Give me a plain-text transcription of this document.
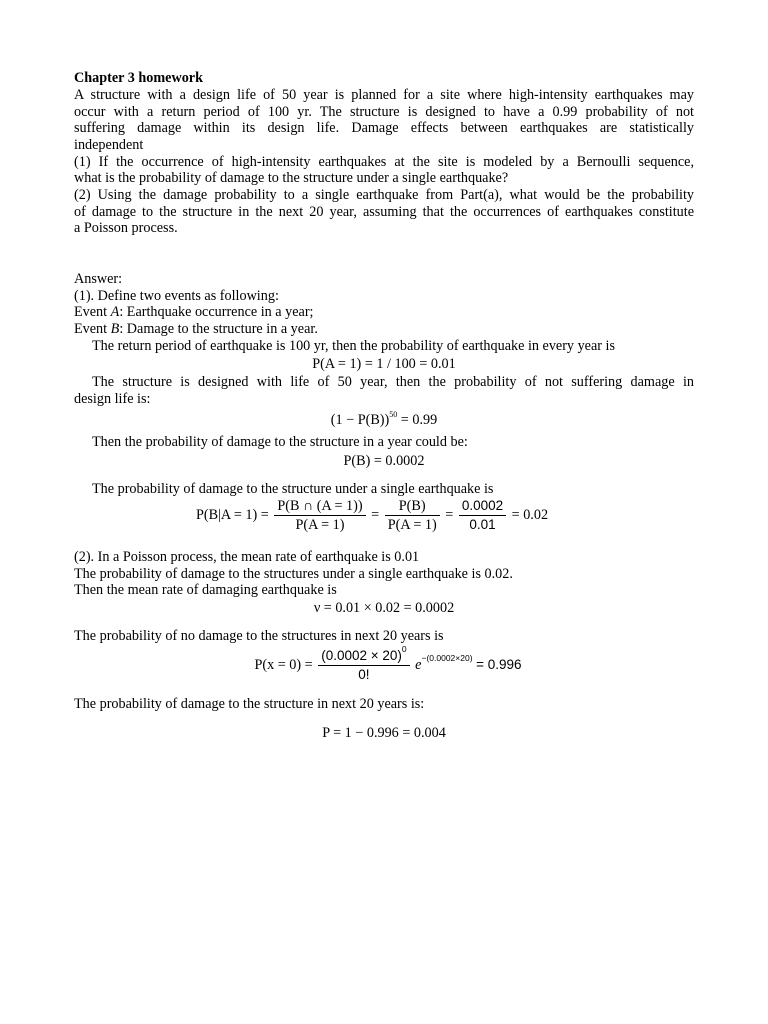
Chapter 3 homework
A structure with a design life of 50 year is planned for a site where high-intensity earthquakes may
occur with a return period of 100 yr. The structure is designed to have a 0.99 probability of not
suffering damage within its design life. Damage effects between earthquakes are statistically
independent
(1) If the occurrence of high-intensity earthquakes at the site is modeled by a Bernoulli sequence,
what is the probability of damage to the structure under a single earthquake?
(2) Using the damage probability to a single earthquake from Part(a), what would be the probability
of damage to the structure in the next 20 year, assuming that the occurrences of earthquakes constitute
a Poisson process.
Answer:
(1). Define two events as following:
Event A: Earthquake occurrence in a year;
Event B: Damage to the structure in a year.
The return period of earthquake is 100 yr, then the probability of earthquake in every year is
P(A = 1) = 1 / 100 = 0.01
The structure is designed with life of 50 year, then the probability of not suffering damage in
design life is:
$(1 - P(B))^{50} = 0.99$
Then the probability of damage to the structure in a year could be:
P(B) = 0.0002
The probability of damage to the structure under a single earthquake is
$P(B|A = 1) = \frac{P(B \cap (A = 1))}{P(A = 1)} = \frac{P(B)}{P(A = 1)} = \frac{0.0002}{0.01} = 0.02$
(2). In a Poisson process, the mean rate of earthquake is 0.01
The probability of damage to the structures under a single earthquake is 0.02.
Then the mean rate of damaging earthquake is
ν = 0.01 × 0.02 = 0.0002
The probability of no damage to the structures in next 20 years is
$P(x = 0) = \frac{(0.0002 \times 20)^0}{0!} e^{-(0.0002\times 20)} = 0.996$
The probability of damage to the structure in next 20 years is:
P = 1 − 0.996 = 0.004
